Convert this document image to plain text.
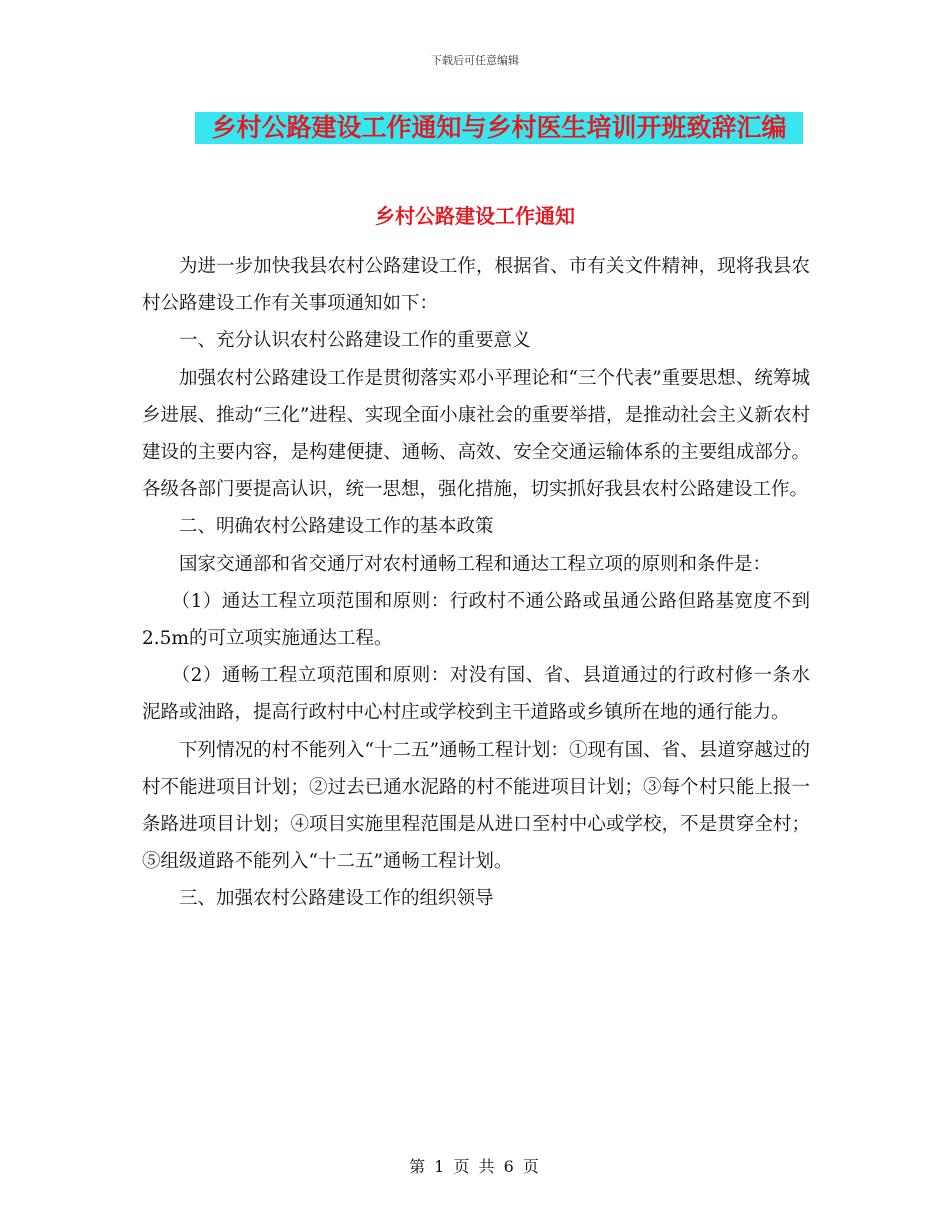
下载后可任意编辑
乡村公路建设工作通知与乡村医生培训开班致辞汇编
乡村公路建设工作通知

为进一步加快我县农村公路建设工作，根据省、市有关文件精神，现将我县农村公路建设工作有关事项通知如下：

一、充分认识农村公路建设工作的重要意义

加强农村公路建设工作是贯彻落实邓小平理论和“三个代表”重要思想、统筹城乡进展、推动“三化”进程、实现全面小康社会的重要举措，是推动社会主义新农村建设的主要内容，是构建便捷、通畅、高效、安全交通运输体系的主要组成部分。各级各部门要提高认识，统一思想，强化措施，切实抓好我县农村公路建设工作。

二、明确农村公路建设工作的基本政策

国家交通部和省交通厅对农村通畅工程和通达工程立项的原则和条件是：

（1）通达工程立项范围和原则：行政村不通公路或虽通公路但路基宽度不到2.5m的可立项实施通达工程。

（2）通畅工程立项范围和原则：对没有国、省、县道通过的行政村修一条水泥路或油路，提高行政村中心村庄或学校到主干道路或乡镇所在地的通行能力。

下列情况的村不能列入“十二五”通畅工程计划：①现有国、省、县道穿越过的村不能进项目计划；②过去已通水泥路的村不能进项目计划；③每个村只能上报一条路进项目计划；④项目实施里程范围是从进口至村中心或学校，不是贯穿全村；⑤组级道路不能列入“十二五”通畅工程计划。

三、加强农村公路建设工作的组织领导

第 1 页 共 6 页
